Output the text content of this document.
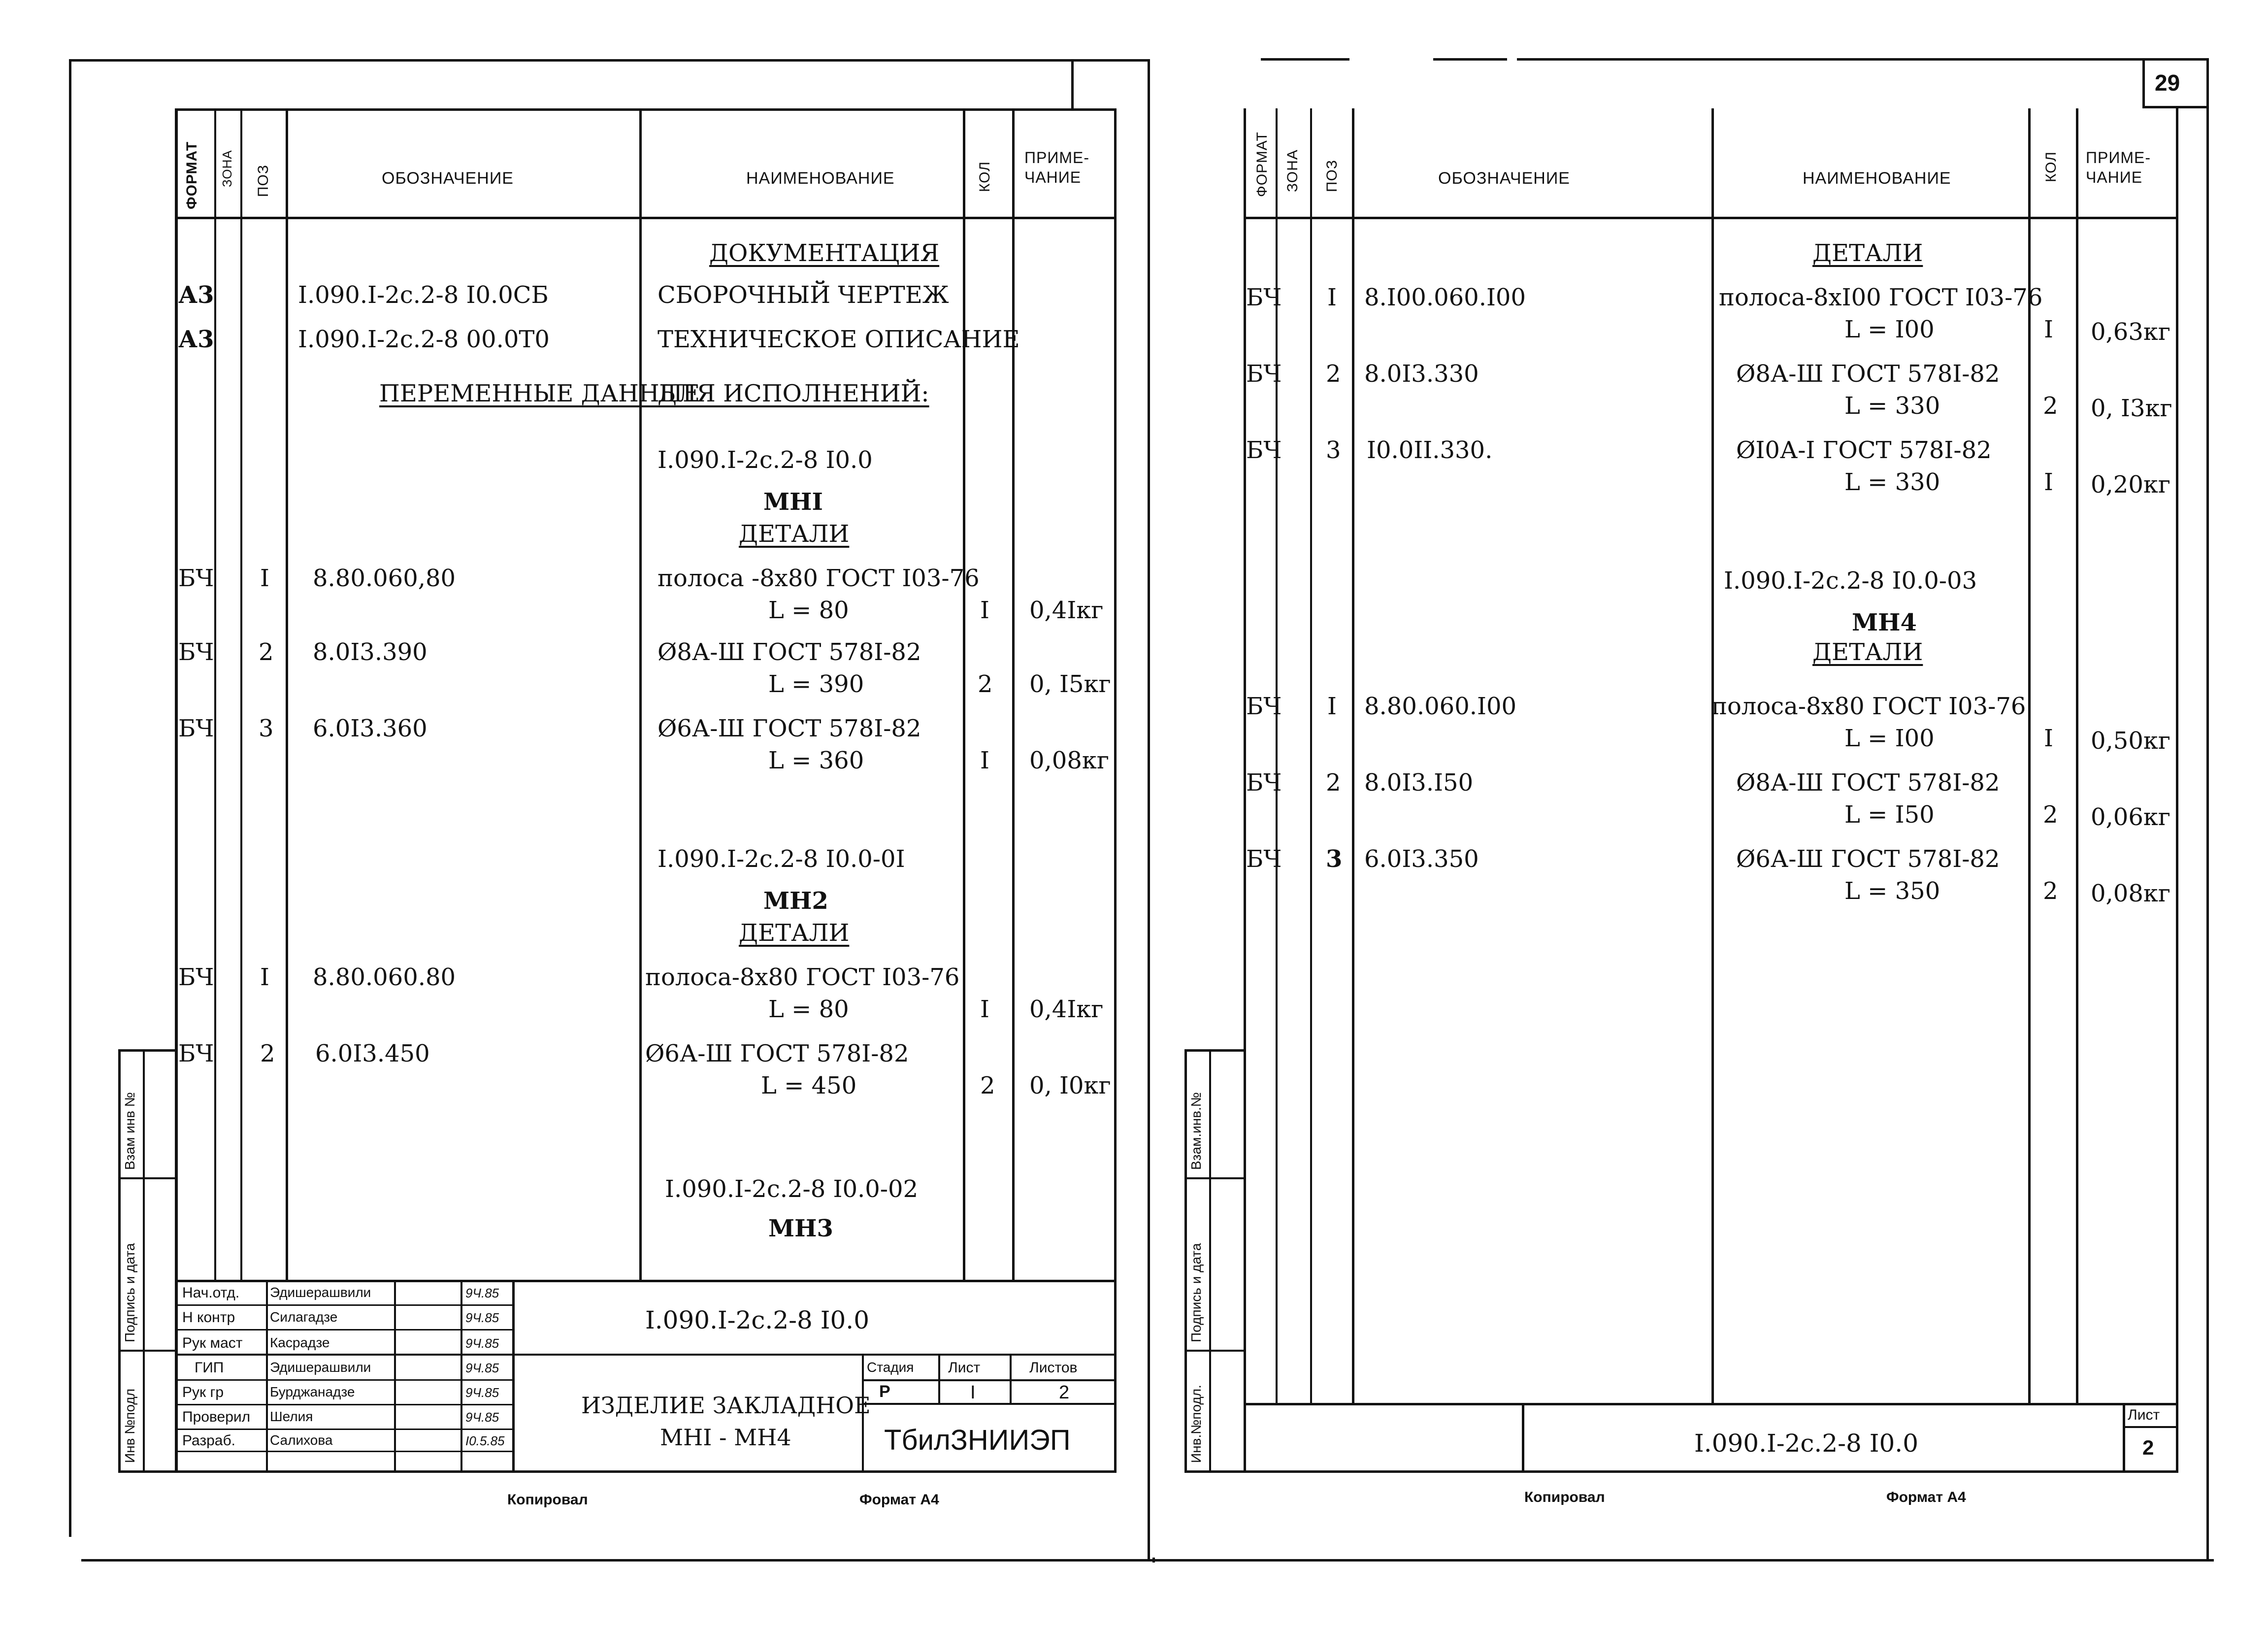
29
ФОРМАТ ЗОНА ПОЗ	ОБОЗНАЧЕНИЕ	НАИМЕНОВАНИЕ	КОЛ
ПРИМЕ-ЧАНИЕ
ДОКУМЕНТАЦИЯ
А3	I.090.I-2c.2-8 I0.0СБ	СБОРОЧНЫЙ ЧЕРТЕЖ
А3	I.090.I-2c.2-8 00.0Т0	ТЕХНИЧЕСКОЕ ОПИСАНИЕ
ПЕРЕМЕННЫЕ ДАННЫЕ
ДЛЯ ИСПОЛНЕНИЙ:
I.090.I-2c.2-8 I0.0
МНI
ДЕТАЛИ
БЧ I 8.80.060,80	полоса -8x80 ГОСТ I03-76
L = 80	I 0,4Iкг
БЧ 2 8.0I3.390	Ø8А-Ш ГОСТ 578I-82
L = 390	2 0, I5кг
БЧ 3 6.0I3.360	Ø6А-Ш ГОСТ 578I-82
L = 360	I 0,08кг
I.090.I-2c.2-8 I0.0-0I
МН2
ДЕТАЛИ
БЧ I 8.80.060.80	полоса-8x80 ГОСТ I03-76
L = 80	I 0,4Iкг
БЧ 2 6.0I3.450	Ø6А-Ш ГОСТ 578I-82
L = 450	2 0, I0кг
I.090.I-2c.2-8 I0.0-02
МН3
Взам инв №
Подпись и дата
Инв №подл
Нач.отд. Эдишерашвили	9Ч.85
Н контр	Силагадзе	9Ч.85
Рук маст Касрадзе	9Ч.85
ГИП	Эдишерашвили	9Ч.85
Рук гр	Бурджанадзе	9Ч.85
Проверил Шелия	9Ч.85
Разраб. Салихова	I0.5.85
I.090.I-2c.2-8 I0.0
ИЗДЕЛИЕ ЗАКЛАДНОЕ
МНI - МН4
Стадия Лист	Листов
Р	I	2
ТбилЗНИИЭП
Копировал	Формат А4
ФОРМАТ ЗОНА ПОЗ	ОБОЗНАЧЕНИЕ	НАИМЕНОВАНИЕ	КОЛ ПРИМЕ-ЧАНИЕ
ДЕТАЛИ
БЧ I 8.I00.060.I00	полоса-8xI00 ГОСТ I03-76
L = I00	I 0,63кг
БЧ 2 8.0I3.330	Ø8А-Ш ГОСТ 578I-82
L = 330	2 0, I3кг
БЧ 3 I0.0II.330.	ØI0А-I ГОСТ 578I-82
L = 330	I 0,20кг
I.090.I-2c.2-8 I0.0-03
МН4
ДЕТАЛИ
БЧ I 8.80.060.I00	полоса-8x80 ГОСТ I03-76
L = I00	I 0,50кг
БЧ 2 8.0I3.I50	Ø8А-Ш ГОСТ 578I-82
L = I50	2 0,06кг
БЧ 3 6.0I3.350	Ø6А-Ш ГОСТ 578I-82
L = 350	2 0,08кг
Взам.инв.№
Подпись и дата
Инв.№подл.	I.090.I-2c.2-8 I0.0
Лист
2
Копировал	Формат А4
